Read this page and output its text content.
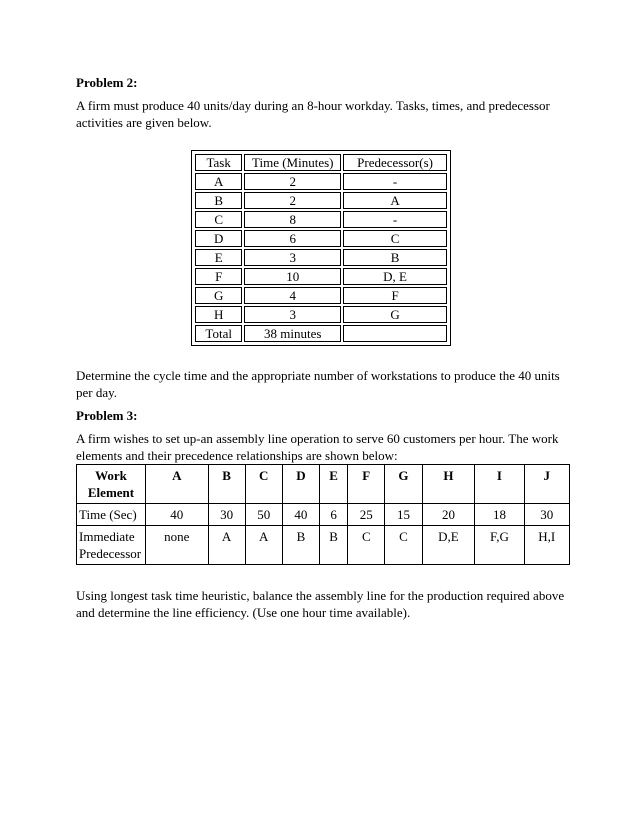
Problem 2:

A firm must produce 40 units/day during an 8-hour workday. Tasks, times, and predecessor activities are given below.

Task	Time (Minutes)	Predecessor(s)
A	2	-
B	2	A
C	8	-
D	6	C
E	3	B
F	10	D, E
G	4	F
H	3	G
Total	38 minutes	

Determine the cycle time and the appropriate number of workstations to produce the 40 units per day.

Problem 3:

A firm wishes to set up-an assembly line operation to serve 60 customers per hour. The work elements and their precedence relationships are shown below:

Work Element	A	B	C	D	E	F	G	H	I	J
Time (Sec)	40	30	50	40	6	25	15	20	18	30
Immediate Predecessor	none	A	A	B	B	C	C	D,E	F,G	H,I

Using longest task time heuristic, balance the assembly line for the production required above and determine the line efficiency. (Use one hour time available).
